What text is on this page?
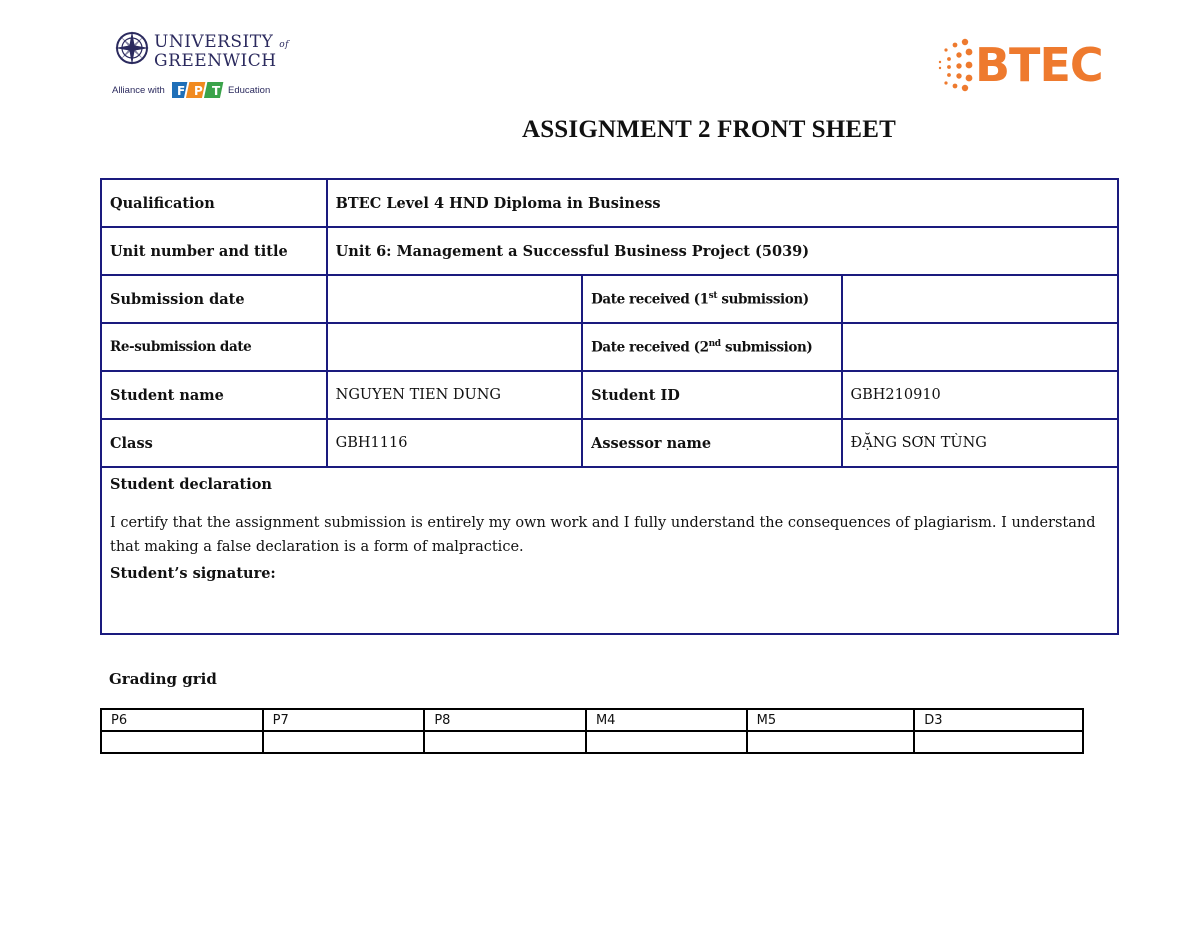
UNIVERSITY of
GREENWICH
Alliance with F P T Education	BTEC
ASSIGNMENT 2 FRONT SHEET
Qualification	BTEC Level 4 HND Diploma in Business		
Unit number and title	Unit 6: Management a Successful Business Project (5039)		
Submission date		Date received (1st submission)	
Re-submission date		Date received (2nd submission)	
Student name	NGUYEN TIEN DUNG	Student ID	GBH210910
Class	GBH1116	Assessor name	ĐẶNG SƠN TÙNG

Student declaration
I certify that the assignment submission is entirely my own work and I fully understand the consequences of plagiarism. I understand that making a false declaration is a form of malpractice.
Student’s signature:			
Grading grid
P6	P7	P8	M4	M5	D3
